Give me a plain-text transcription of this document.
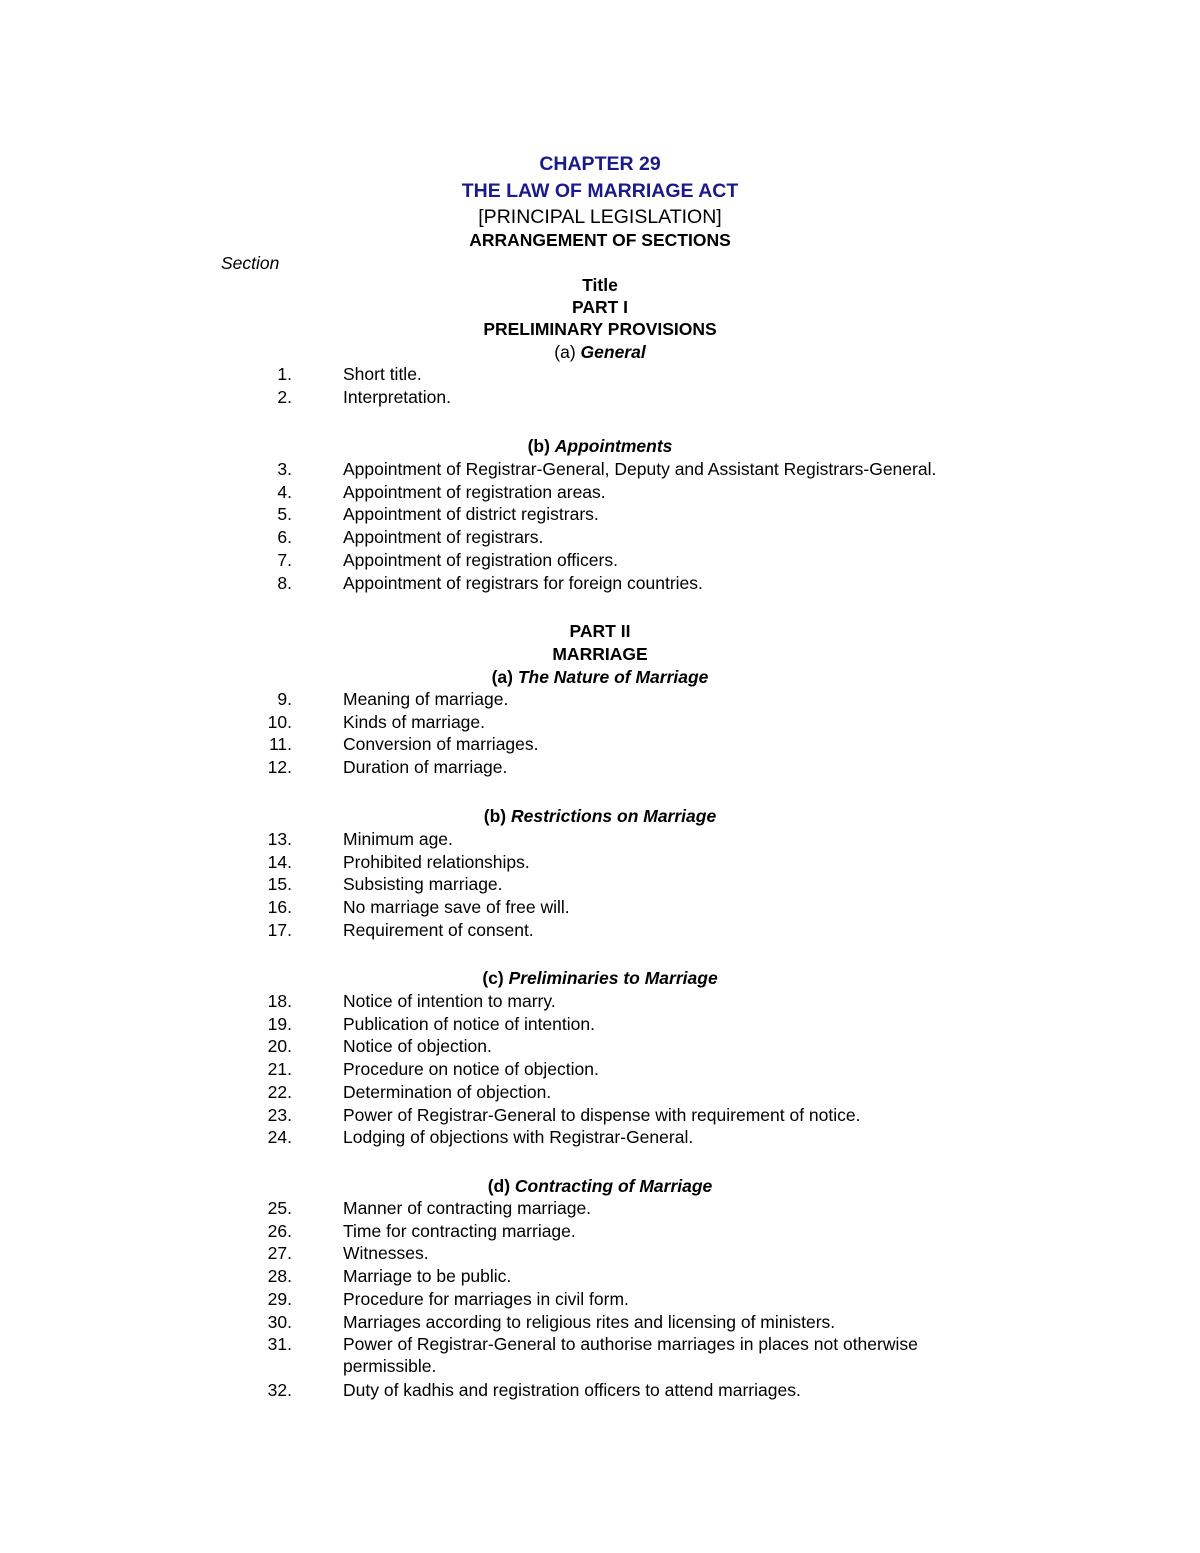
CHAPTER 29
THE LAW OF MARRIAGE ACT
[PRINCIPAL LEGISLATION]
ARRANGEMENT OF SECTIONS
Section
Title
PART I
PRELIMINARY PROVISIONS
(a) General
1.	Short title.
2.	Interpretation.
(b) Appointments
3.	Appointment of Registrar-General, Deputy and Assistant Registrars-General.
4.	Appointment of registration areas.
5.	Appointment of district registrars.
6.	Appointment of registrars.
7.	Appointment of registration officers.
8.	Appointment of registrars for foreign countries.
PART II
MARRIAGE
(a) The Nature of Marriage
9.	Meaning of marriage.
10.	Kinds of marriage.
11.	Conversion of marriages.
12.	Duration of marriage.
(b) Restrictions on Marriage
13.	Minimum age.
14.	Prohibited relationships.
15.	Subsisting marriage.
16.	No marriage save of free will.
17.	Requirement of consent.
(c) Preliminaries to Marriage
18.	Notice of intention to marry.
19.	Publication of notice of intention.
20.	Notice of objection.
21.	Procedure on notice of objection.
22.	Determination of objection.
23.	Power of Registrar-General to dispense with requirement of notice.
24.	Lodging of objections with Registrar-General.
(d) Contracting of Marriage
25.	Manner of contracting marriage.
26.	Time for contracting marriage.
27.	Witnesses.
28.	Marriage to be public.
29.	Procedure for marriages in civil form.
30.	Marriages according to religious rites and licensing of ministers.
31.	Power of Registrar-General to authorise marriages in places not otherwise
permissible.
32.	Duty of kadhis and registration officers to attend marriages.
